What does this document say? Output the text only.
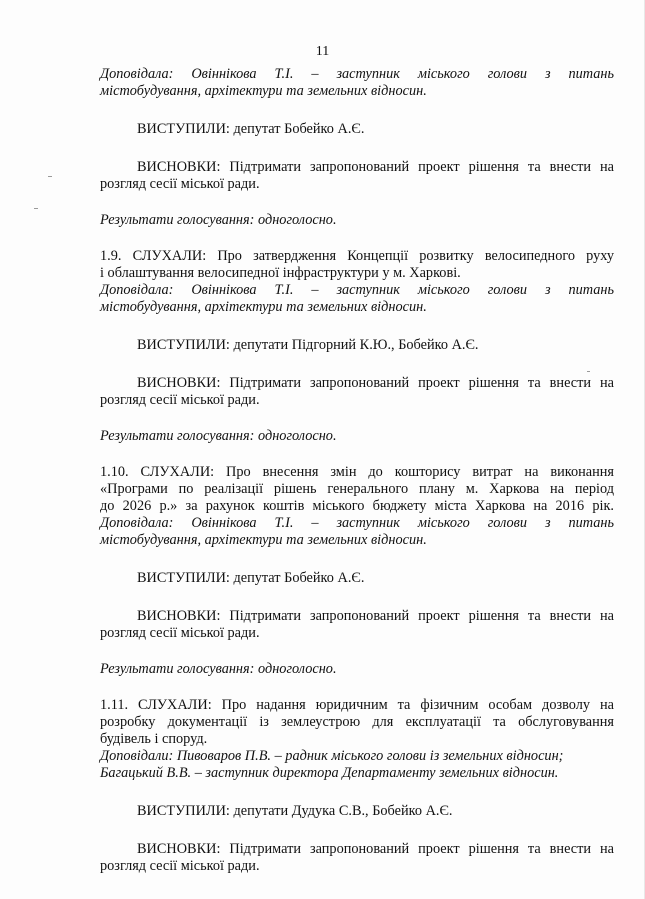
11
Доповідала: Овіннікова Т.І. – заступник міського голови з питань
містобудування, архітектури та земельних відносин.
ВИСТУПИЛИ: депутат Бобейко А.Є.
ВИСНОВКИ: Підтримати запропонований проект рішення та внести на
розгляд сесії міської ради.
Результати голосування: одноголосно.
1.9. СЛУХАЛИ: Про затвердження Концепції розвитку велосипедного руху
і облаштування велосипедної інфраструктури у м. Харкові.
Доповідала: Овіннікова Т.І. – заступник міського голови з питань
містобудування, архітектури та земельних відносин.
ВИСТУПИЛИ: депутати Підгорний К.Ю., Бобейко А.Є.
ВИСНОВКИ: Підтримати запропонований проект рішення та внести на
розгляд сесії міської ради.
Результати голосування: одноголосно.
1.10. СЛУХАЛИ: Про внесення змін до кошторису витрат на виконання
«Програми по реалізації рішень генерального плану м. Харкова на період
до 2026 р.» за рахунок коштів міського бюджету міста Харкова на 2016 рік.
Доповідала: Овіннікова Т.І. – заступник міського голови з питань
містобудування, архітектури та земельних відносин.
ВИСТУПИЛИ: депутат Бобейко А.Є.
ВИСНОВКИ: Підтримати запропонований проект рішення та внести на
розгляд сесії міської ради.
Результати голосування: одноголосно.
1.11. СЛУХАЛИ: Про надання юридичним та фізичним особам дозволу на
розробку документації із землеустрою для експлуатації та обслуговування
будівель і споруд.
Доповідали: Пивоваров П.В. – радник міського голови із земельних відносин;
Багацький В.В. – заступник директора Департаменту земельних відносин.
ВИСТУПИЛИ: депутати Дудука С.В., Бобейко А.Є.
ВИСНОВКИ: Підтримати запропонований проект рішення та внести на
розгляд сесії міської ради.
